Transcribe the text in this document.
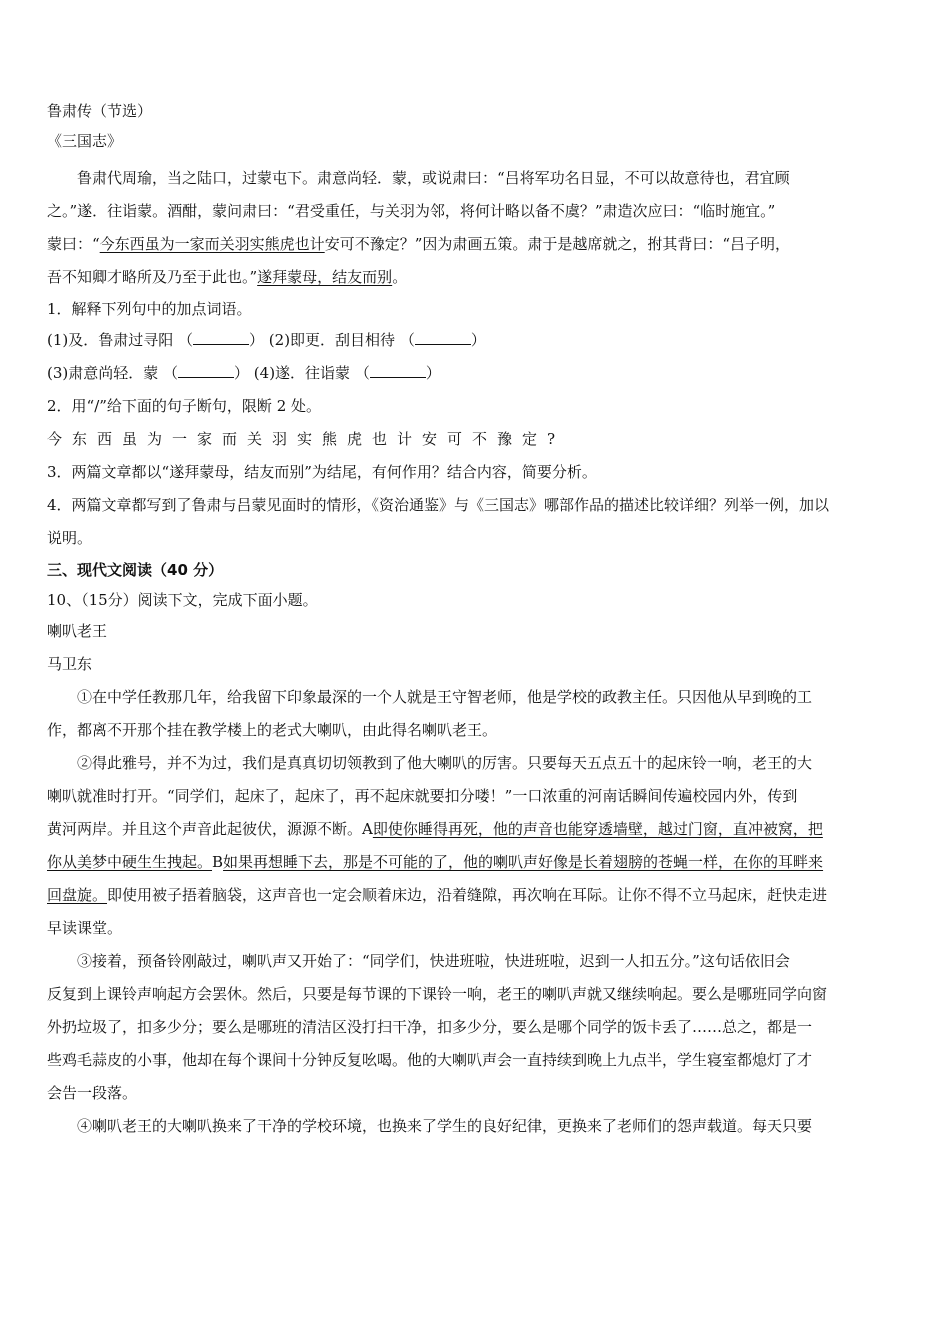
鲁肃传（节选）
《三国志》
鲁肃代周瑜，当之陆口，过蒙屯下。肃意尚轻．蒙，或说肃曰：“吕将军功名日显，不可以故意待也，君宜顾
之。”遂．往诣蒙。酒酣，蒙问肃曰：“君受重任，与关羽为邻，将何计略以备不虞？”肃造次应曰：“临时施宜。”
蒙曰：“今东西虽为一家而关羽实熊虎也计安可不豫定？”因为肃画五策。肃于是越席就之，拊其背曰：“吕子明，
吾不知卿才略所及乃至于此也。”遂拜蒙母，结友而别。
1．解释下列句中的加点词语。
(1)及．鲁肃过寻阳 （	） (2)即更．刮目相待 （	）
(3)肃意尚轻．蒙 （	） (4)遂．往诣蒙 （	）
2．用“/”给下面的句子断句，限断 2 处。
今东西虽为一家而关羽实熊虎也计安可不豫定?
3．两篇文章都以“遂拜蒙母，结友而别”为结尾，有何作用？结合内容，简要分析。
4．两篇文章都写到了鲁肃与吕蒙见面时的情形，《资治通鉴》与《三国志》哪部作品的描述比较详细？列举一例，加以
说明。
三、现代文阅读（40 分）
10、（15分）阅读下文，完成下面小题。
喇叭老王
马卫东
①在中学任教那几年，给我留下印象最深的一个人就是王守智老师，他是学校的政教主任。只因他从早到晚的工
作，都离不开那个挂在教学楼上的老式大喇叭，由此得名喇叭老王。
②得此雅号，并不为过，我们是真真切切领教到了他大喇叭的厉害。只要每天五点五十的起床铃一响，老王的大
喇叭就准时打开。“同学们，起床了，起床了，再不起床就要扣分喽！”一口浓重的河南话瞬间传遍校园内外，传到
黄河两岸。并且这个声音此起彼伏，源源不断。A即使你睡得再死，他的声音也能穿透墙壁，越过门窗，直冲被窝，把
你从美梦中硬生生拽起。B如果再想睡下去，那是不可能的了，他的喇叭声好像是长着翅膀的苍蝇一样，在你的耳畔来
回盘旋。即使用被子捂着脑袋，这声音也一定会顺着床边，沿着缝隙，再次响在耳际。让你不得不立马起床，赶快走进
早读课堂。
③接着，预备铃刚敲过，喇叭声又开始了：“同学们，快进班啦，快进班啦，迟到一人扣五分。”这句话依旧会
反复到上课铃声响起方会罢休。然后，只要是每节课的下课铃一响，老王的喇叭声就又继续响起。要么是哪班同学向窗
外扔垃圾了，扣多少分；要么是哪班的清洁区没打扫干净，扣多少分，要么是哪个同学的饭卡丢了……总之，都是一
些鸡毛蒜皮的小事，他却在每个课间十分钟反复吆喝。他的大喇叭声会一直持续到晚上九点半，学生寝室都熄灯了才
会告一段落。
④喇叭老王的大喇叭换来了干净的学校环境，也换来了学生的良好纪律，更换来了老师们的怨声载道。每天只要
